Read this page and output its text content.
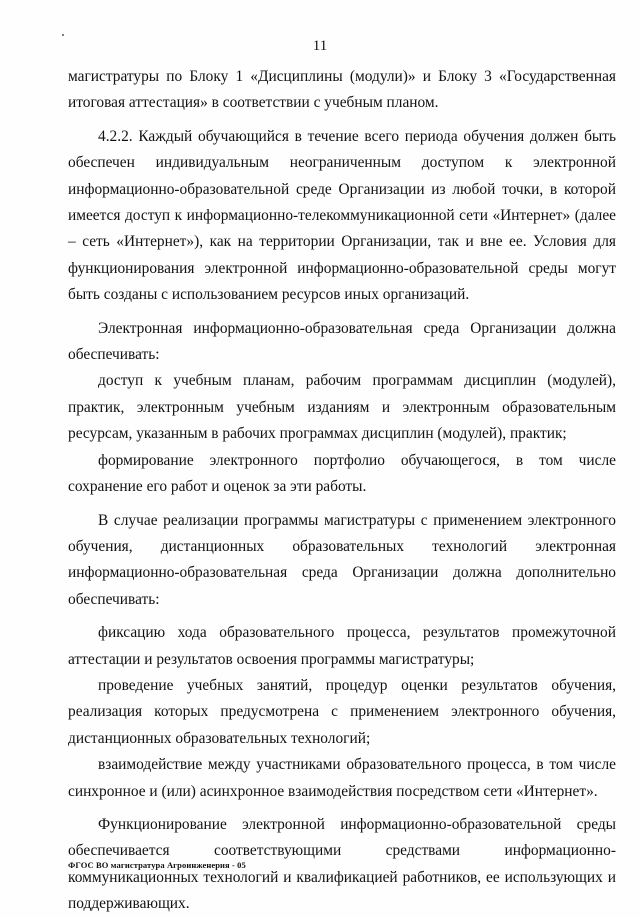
11

магистратуры по Блоку 1 «Дисциплины (модули)» и Блоку 3 «Государственная итоговая аттестация» в соответствии с учебным планом.

4.2.2. Каждый обучающийся в течение всего периода обучения должен быть обеспечен индивидуальным неограниченным доступом к электронной информационно-образовательной среде Организации из любой точки, в которой имеется доступ к информационно-телекоммуникационной сети «Интернет» (далее – сеть «Интернет»), как на территории Организации, так и вне ее. Условия для функционирования электронной информационно-образовательной среды могут быть созданы с использованием ресурсов иных организаций.

Электронная информационно-образовательная среда Организации должна обеспечивать:

доступ к учебным планам, рабочим программам дисциплин (модулей), практик, электронным учебным изданиям и электронным образовательным ресурсам, указанным в рабочих программах дисциплин (модулей), практик;

формирование электронного портфолио обучающегося, в том числе сохранение его работ и оценок за эти работы.

В случае реализации программы магистратуры с применением электронного обучения, дистанционных образовательных технологий электронная информационно-образовательная среда Организации должна дополнительно обеспечивать:

фиксацию хода образовательного процесса, результатов промежуточной аттестации и результатов освоения программы магистратуры;

проведение учебных занятий, процедур оценки результатов обучения, реализация которых предусмотрена с применением электронного обучения, дистанционных образовательных технологий;

взаимодействие между участниками образовательного процесса, в том числе синхронное и (или) асинхронное взаимодействия посредством сети «Интернет».

Функционирование электронной информационно-образовательной среды обеспечивается соответствующими средствами информационно-коммуникационных технологий и квалификацией работников, ее использующих и поддерживающих.

ФГОС ВО магистратура Агроинженерия - 05
